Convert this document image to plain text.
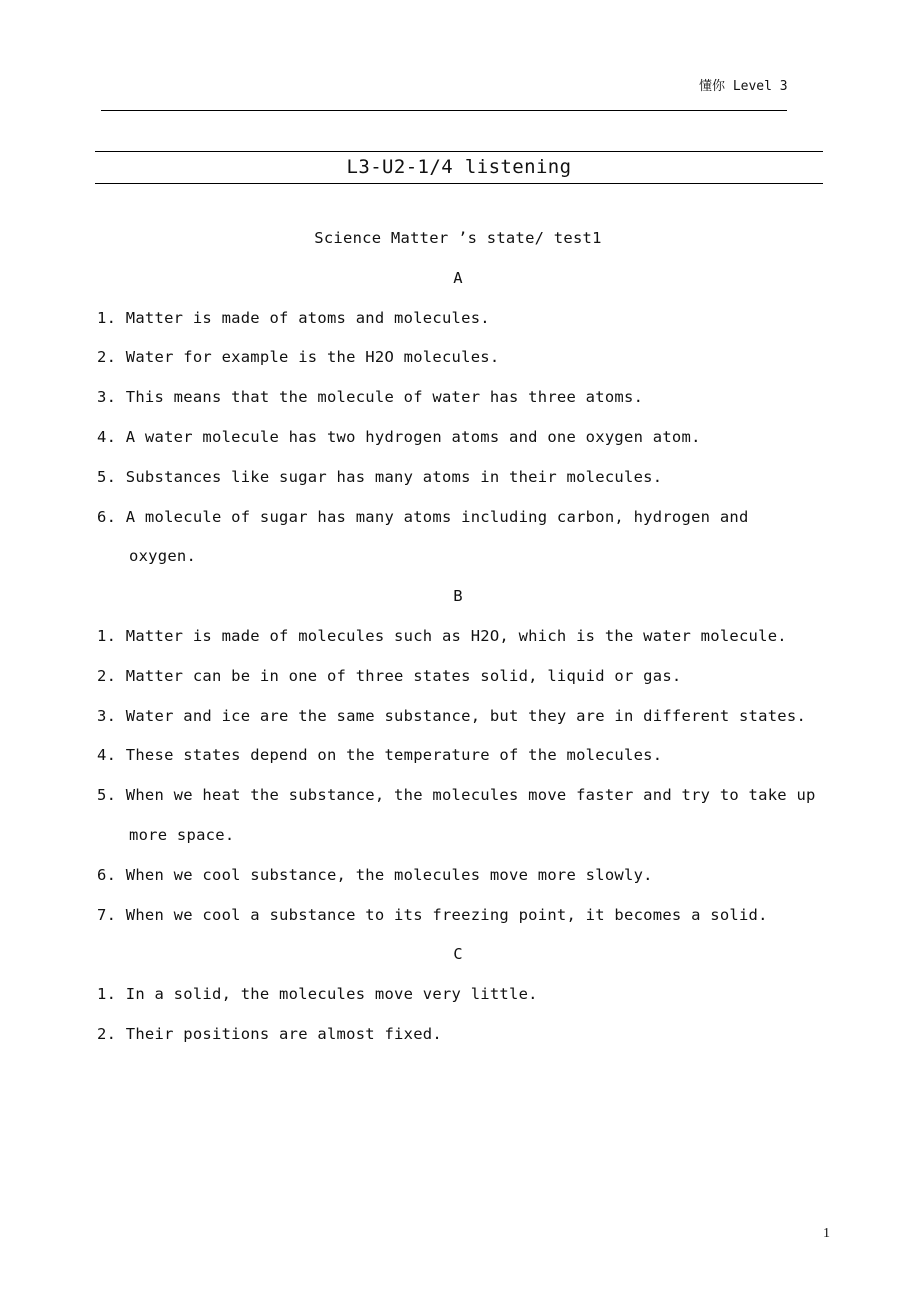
懂你 Level 3
L3-U2-1/4 listening
Science Matter ’s state/ test1
A
1. Matter is made of atoms and molecules.
2. Water for example is the H2O molecules.
3. This means that the molecule of water has three atoms.
4. A water molecule has two hydrogen atoms and one oxygen atom.
5. Substances like sugar has many atoms in their molecules.
6. A molecule of sugar has many atoms including carbon, hydrogen and oxygen.
B
1. Matter is made of molecules such as H2O, which is the water molecule.
2. Matter can be in one of three states solid, liquid or gas.
3. Water and ice are the same substance, but they are in different states.
4. These states depend on the temperature of the molecules.
5. When we heat the substance, the molecules move faster and try to take up more space.
6. When we cool substance, the molecules move more slowly.
7. When we cool a substance to its freezing point, it becomes a solid.
C
1. In a solid, the molecules move very little.
2. Their positions are almost fixed.
1
